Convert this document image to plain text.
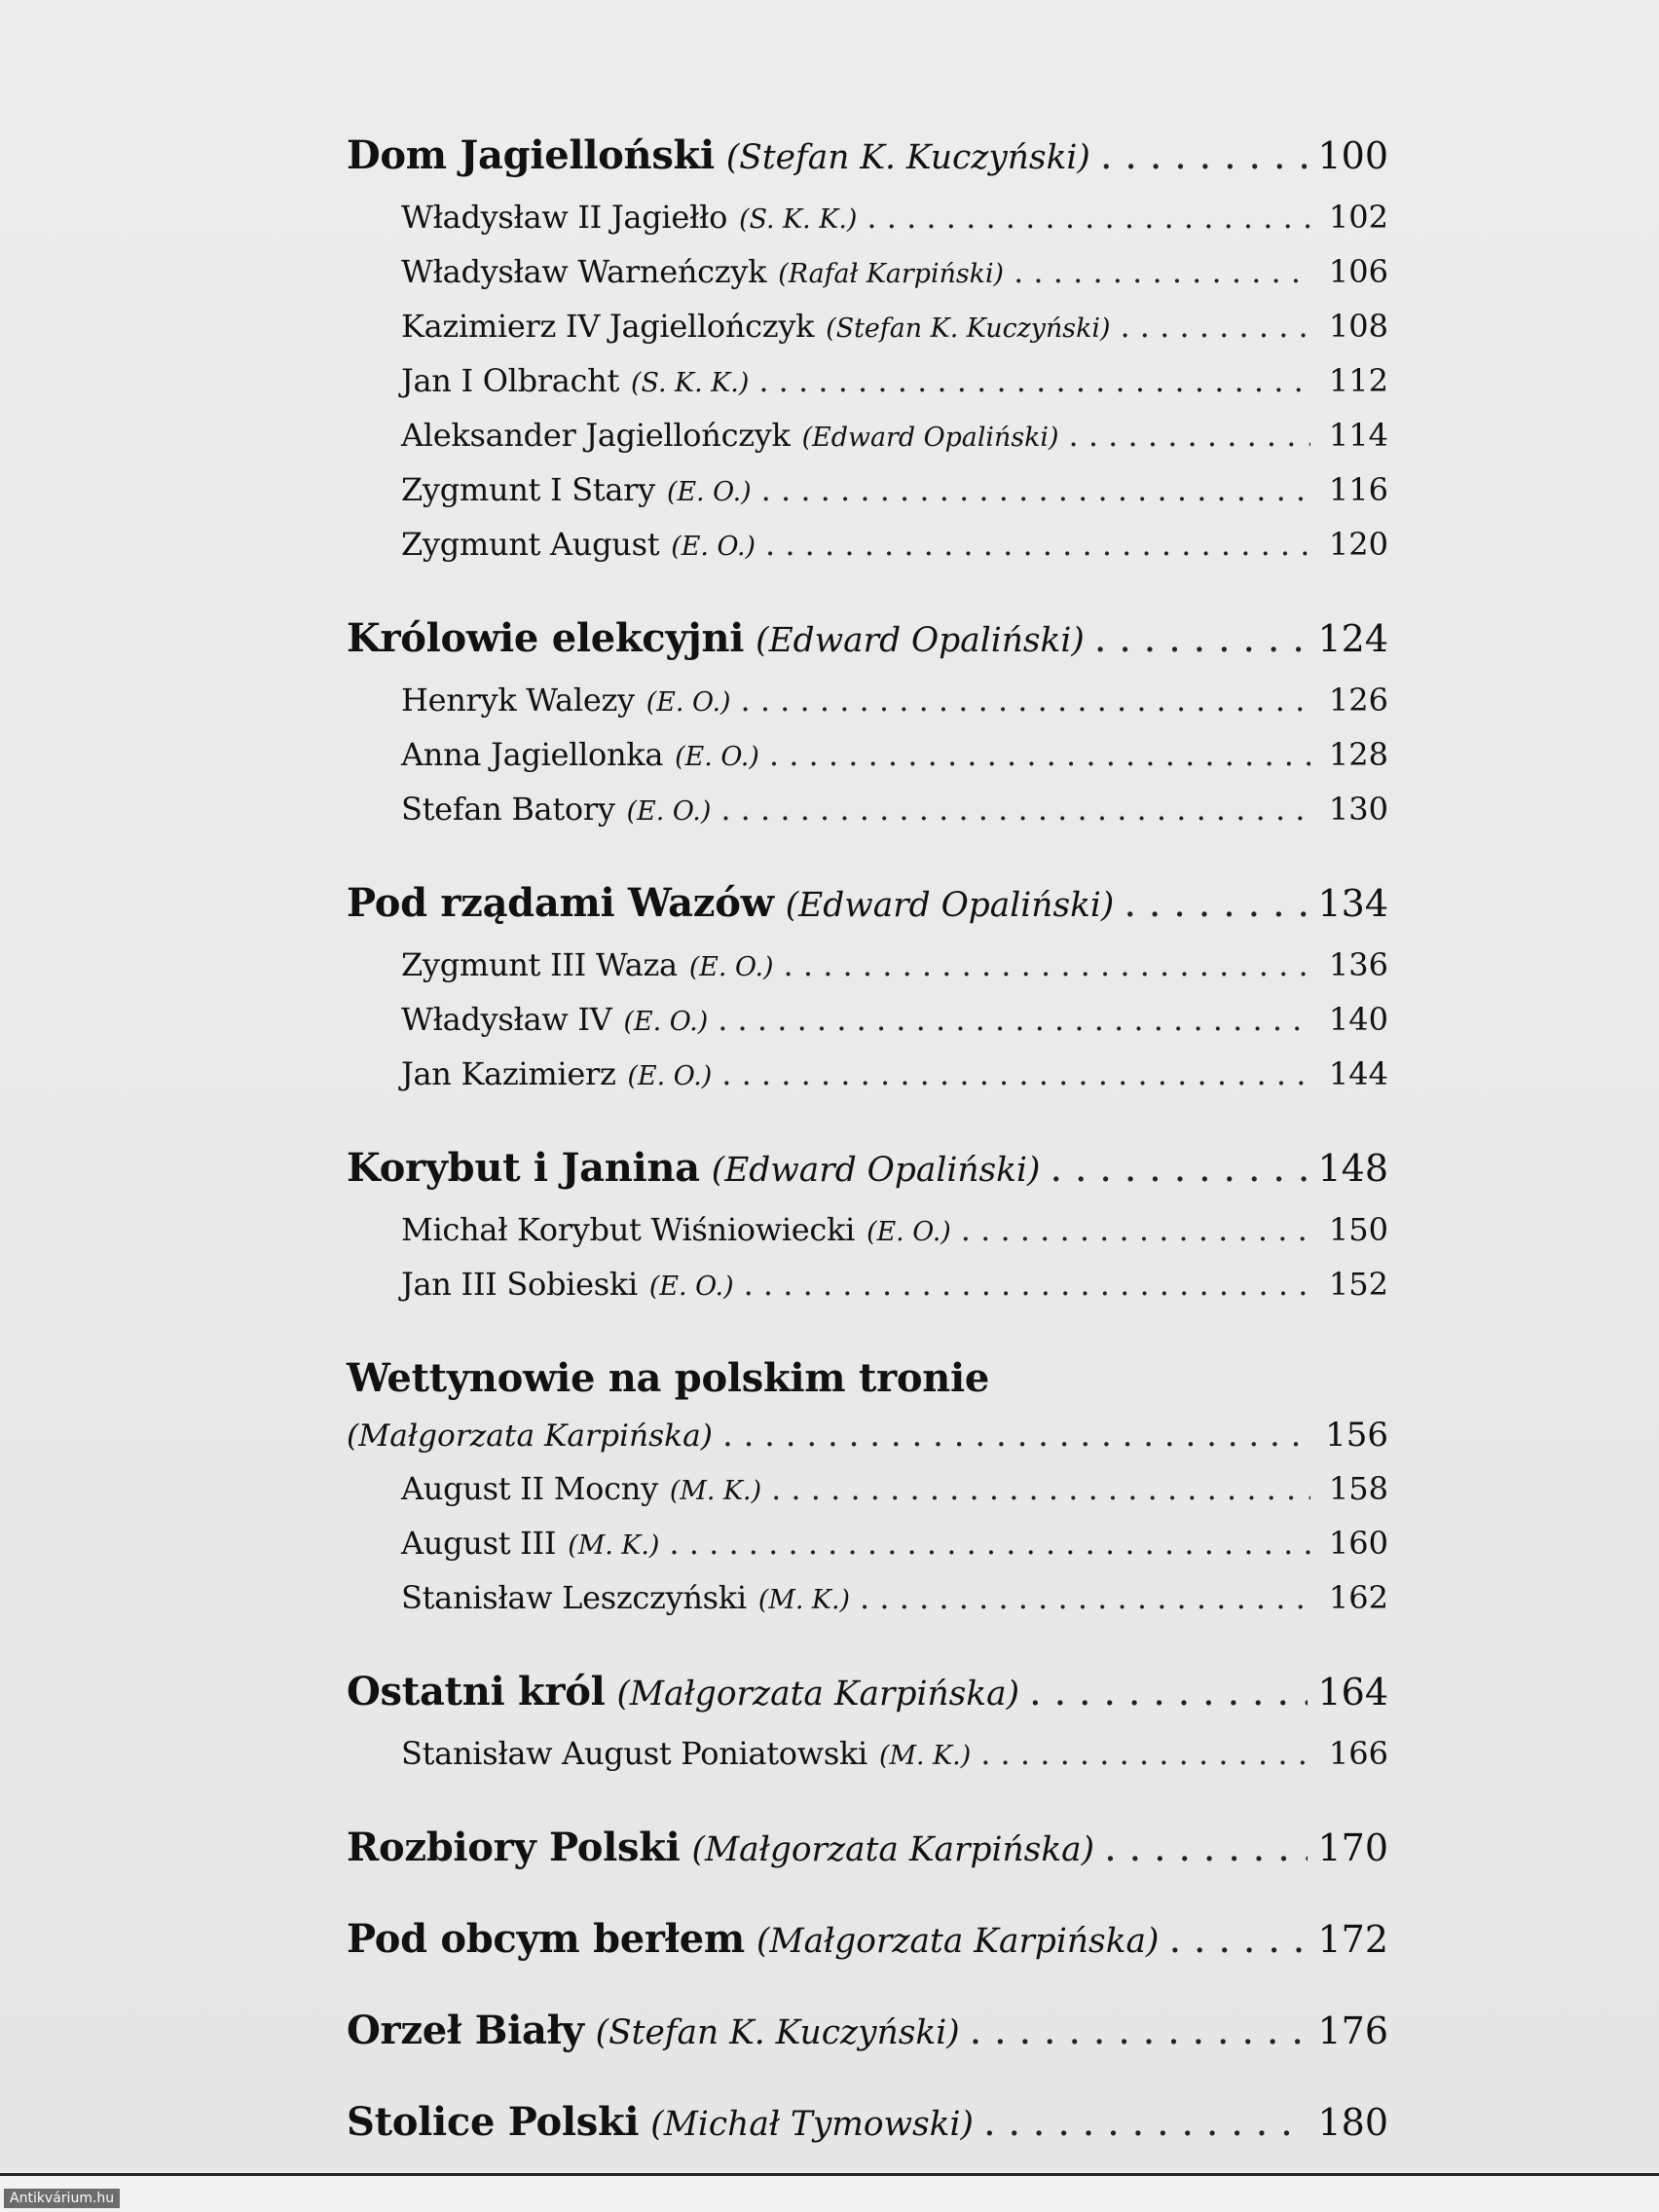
Dom Jagielloński (Stefan K. Kuczyński) . . .	100
Władysław II Jagiełło (S. K. K.) . . .	102
Władysław Warneńczyk (Rafał Karpiński) . . .	106
Kazimierz IV Jagiellończyk (Stefan K. Kuczyński) . . .	108
Jan I Olbracht (S. K. K.) . . .	112
Aleksander Jagiellończyk (Edward Opaliński) . . .	114
Zygmunt I Stary (E. O.) . . .	116
Zygmunt August (E. O.) . . .	120
Królowie elekcyjni (Edward Opaliński) . . .	124
Henryk Walezy (E. O.) . . .	126
Anna Jagiellonka (E. O.) . . .	128
Stefan Batory (E. O.) . . .	130
Pod rządami Wazów (Edward Opaliński) . . .	134
Zygmunt III Waza (E. O.) . . .	136
Władysław IV (E. O.) . . .	140
Jan Kazimierz (E. O.) . . .	144
Korybut i Janina (Edward Opaliński) . . .	148
Michał Korybut Wiśniowiecki (E. O.) . . .	150
Jan III Sobieski (E. O.) . . .	152
Wettynowie na polskim tronie
(Małgorzata Karpińska) . . .	156
August II Mocny (M. K.) . . .	158
August III (M. K.) . . .	160
Stanisław Leszczyński (M. K.) . . .	162
Ostatni król (Małgorzata Karpińska) . . .	164
Stanisław August Poniatowski (M. K.) . . .	166
Rozbiory Polski (Małgorzata Karpińska) . . .	170
Pod obcym berłem (Małgorzata Karpińska) . . .	172
Orzeł Biały (Stefan K. Kuczyński) . . .	176
Stolice Polski (Michał Tymowski) . . .	180
Antikvárium.hu
